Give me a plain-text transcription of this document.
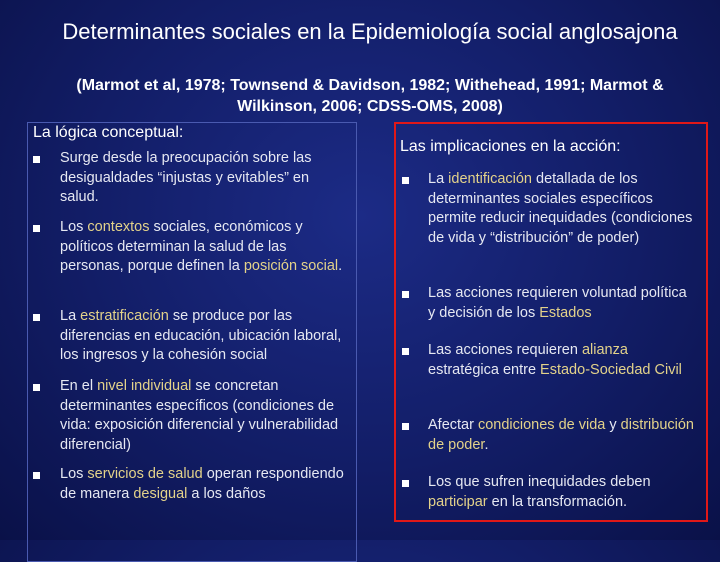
Determinantes sociales en la Epidemiología social anglosajona
(Marmot et al, 1978; Townsend & Davidson, 1982; Withehead, 1991; Marmot & Wilkinson, 2006; CDSS-OMS, 2008)
La lógica conceptual:
Las implicaciones en la acción:
Surge desde la preocupación sobre las desigualdades “injustas y evitables” en salud.
Los contextos sociales, económicos y políticos determinan la salud de las personas, porque definen la posición social.
La estratificación se produce por las diferencias en educación, ubicación laboral, los ingresos y la cohesión social
En el nivel individual se concretan determinantes específicos (condiciones de vida: exposición diferencial y vulnerabilidad diferencial)
Los servicios de salud operan respondiendo de manera desigual a los daños
La identificación detallada de los determinantes sociales específicos permite reducir inequidades (condiciones de vida y “distribución” de poder)
Las acciones requieren voluntad política y decisión de los Estados
Las acciones requieren alianza estratégica entre Estado-Sociedad Civil
Afectar condiciones de vida y distribución de poder.
Los que sufren inequidades deben participar en la transformación.
